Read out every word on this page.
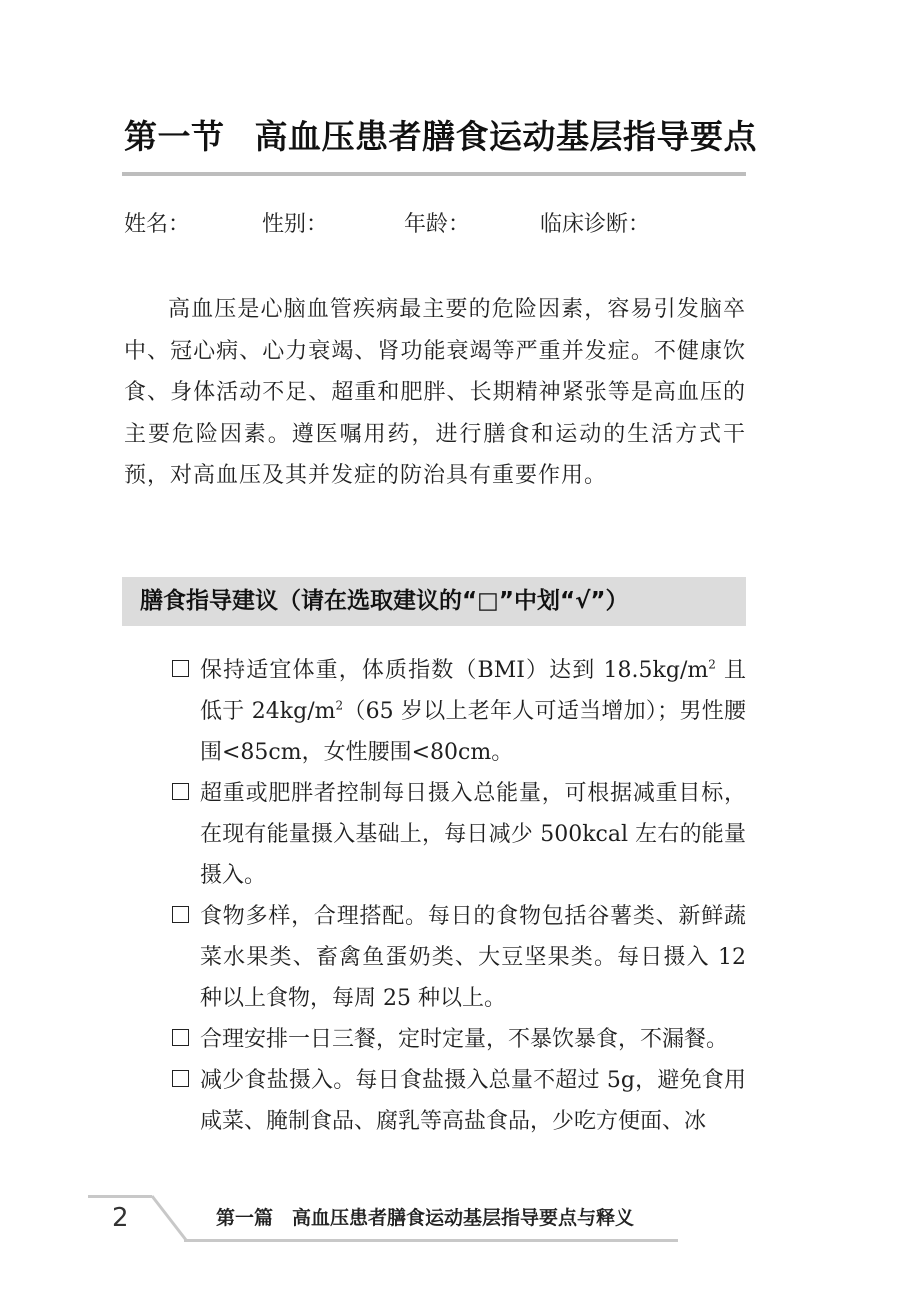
第一节 高血压患者膳食运动基层指导要点
姓名：	性别：	年龄：	临床诊断：

高血压是心脑血管疾病最主要的危险因素，容易引发脑卒中、冠心病、心力衰竭、肾功能衰竭等严重并发症。不健康饮食、身体活动不足、超重和肥胖、长期精神紧张等是高血压的主要危险因素。遵医嘱用药，进行膳食和运动的生活方式干预，对高血压及其并发症的防治具有重要作用。

膳食指导建议（请在选取建议的“□”中划“√”）
保持适宜体重，体质指数（BMI）达到 $18.5kg/m^2$ 且低于 $24kg/m^2(65$ 岁以上老年人可适当增加）；男性腰围<85cm，女性腰围<80cm。
超重或肥胖者控制每日摄入总能量，可根据减重目标，在现有能量摄入基础上，每日减少 500kcal 左右的能量摄入。
食物多样，合理搭配。每日的食物包括谷薯类、新鲜蔬菜水果类、畜禽鱼蛋奶类、大豆坚果类。每日摄入 12 种以上食物，每周 25 种以上。
合理安排一日三餐，定时定量，不暴饮暴食，不漏餐。
减少食盐摄入。每日食盐摄入总量不超过 5g，避免食用咸菜、腌制食品、腐乳等高盐食品，少吃方便面、冰
2	第一篇　高血压患者膳食运动基层指导要点与释义
